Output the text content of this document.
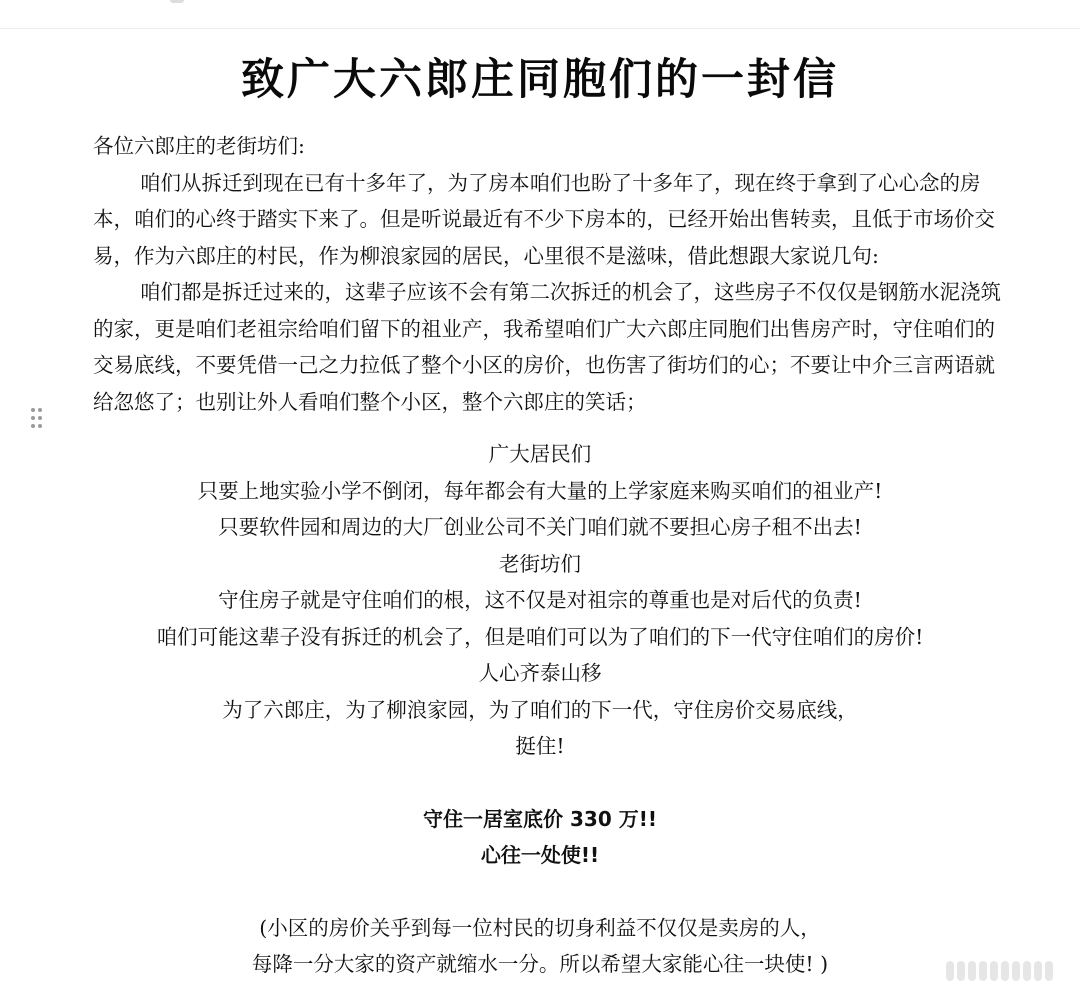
致广大六郎庄同胞们的一封信

各位六郎庄的老街坊们:

咱们从拆迁到现在已有十多年了，为了房本咱们也盼了十多年了，现在终于拿到了心心念的房本，咱们的心终于踏实下来了。但是听说最近有不少下房本的，已经开始出售转卖，且低于市场价交易，作为六郎庄的村民，作为柳浪家园的居民，心里很不是滋味，借此想跟大家说几句:

咱们都是拆迁过来的，这辈子应该不会有第二次拆迁的机会了，这些房子不仅仅是钢筋水泥浇筑的家，更是咱们老祖宗给咱们留下的祖业产，我希望咱们广大六郎庄同胞们出售房产时，守住咱们的交易底线，不要凭借一己之力拉低了整个小区的房价，也伤害了街坊们的心；不要让中介三言两语就给忽悠了；也别让外人看咱们整个小区，整个六郎庄的笑话；

广大居民们
只要上地实验小学不倒闭，每年都会有大量的上学家庭来购买咱们的祖业产!
只要软件园和周边的大厂创业公司不关门咱们就不要担心房子租不出去!
老街坊们
守住房子就是守住咱们的根，这不仅是对祖宗的尊重也是对后代的负责!
咱们可能这辈子没有拆迁的机会了，但是咱们可以为了咱们的下一代守住咱们的房价!
人心齐泰山移
为了六郎庄，为了柳浪家园，为了咱们的下一代，守住房价交易底线，
挺住!
守住一居室底价 330 万!!
心往一处使!!
(小区的房价关乎到每一位村民的切身利益不仅仅是卖房的人，
每降一分大家的资产就缩水一分。所以希望大家能心往一块使! )
